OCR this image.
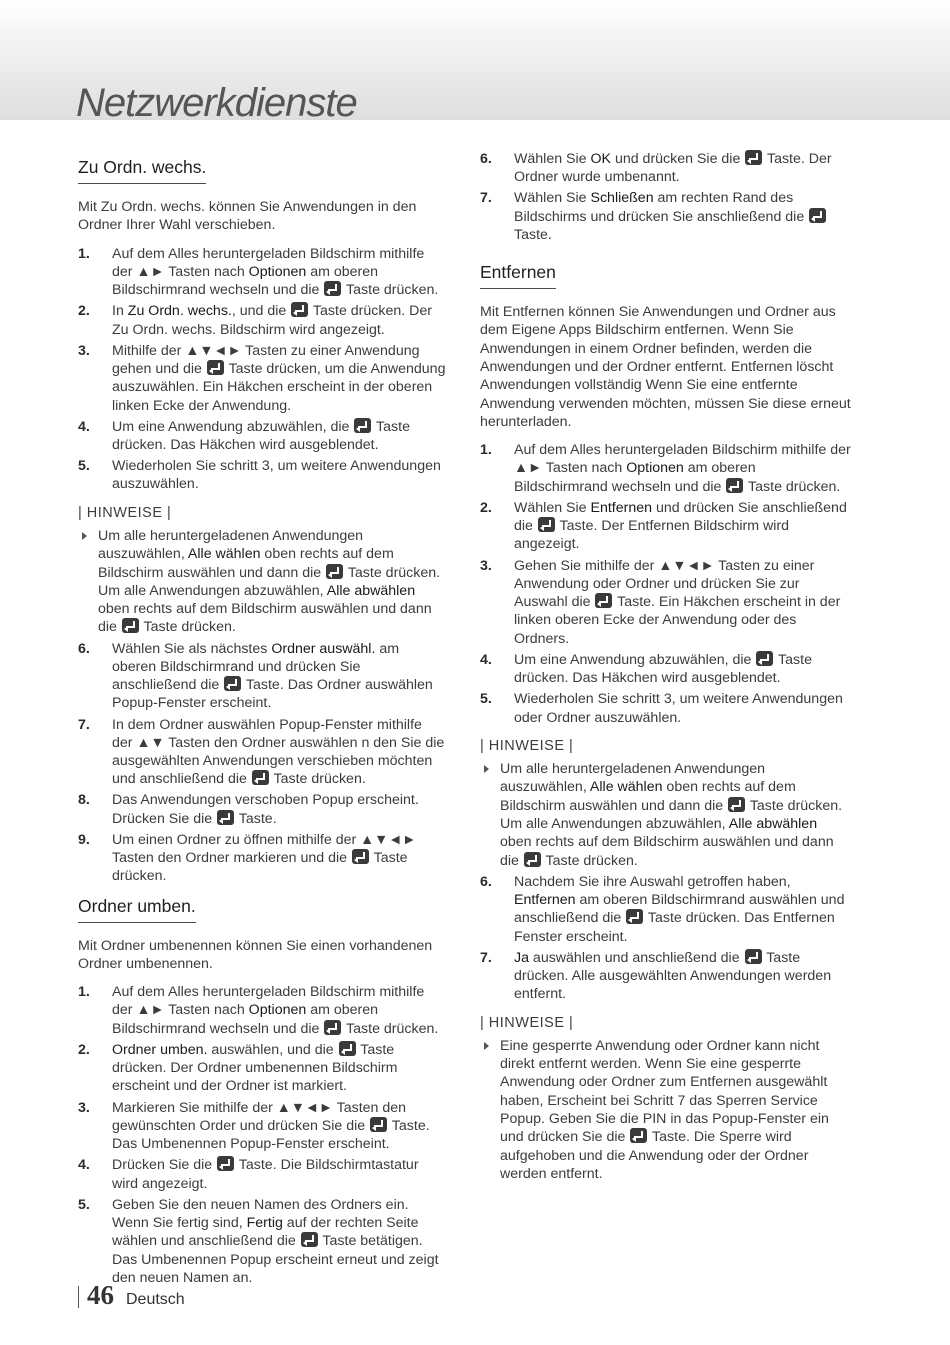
Netzwerkdienste
Zu Ordn. wechs.

Mit Zu Ordn. wechs. können Sie Anwendungen in den Ordner Ihrer Wahl verschieben.

1. Auf dem Alles heruntergeladen Bildschirm mithilfe der ▲► Tasten nach Optionen am oberen Bildschirmrand wechseln und die  Taste drücken.
2. In Zu Ordn. wechs., und die  Taste drücken. Der Zu Ordn. wechs. Bildschirm wird angezeigt.
3. Mithilfe der ▲▼◄► Tasten zu einer Anwendung gehen und die  Taste drücken, um die Anwendung auszuwählen. Ein Häkchen erscheint in der oberen linken Ecke der Anwendung.
4. Um eine Anwendung abzuwählen, die  Taste drücken. Das Häkchen wird ausgeblendet.
5. Wiederholen Sie schritt 3, um weitere Anwendungen auszuwählen.
| HINWEISE |
Um alle heruntergeladenen Anwendungen auszuwählen, Alle wählen oben rechts auf dem Bildschirm auswählen und dann die  Taste drücken. Um alle Anwendungen abzuwählen, Alle abwählen oben rechts auf dem Bildschirm auswählen und dann die  Taste drücken.
6. Wählen Sie als nächstes Ordner auswähl. am oberen Bildschirmrand und drücken Sie anschließend die  Taste. Das Ordner auswählen Popup-Fenster erscheint.
7. In dem Ordner auswählen Popup-Fenster mithilfe der ▲▼ Tasten den Ordner auswählen n den Sie die ausgewählten Anwendungen verschieben möchten und anschließend die  Taste drücken.
8. Das Anwendungen verschoben Popup erscheint. Drücken Sie die  Taste.
9. Um einen Ordner zu öffnen mithilfe der ▲▼◄► Tasten den Ordner markieren und die  Taste drücken.
Ordner umben.

Mit Ordner umbenennen können Sie einen vorhandenen Ordner umbenennen.

1. Auf dem Alles heruntergeladen Bildschirm mithilfe der ▲► Tasten nach Optionen am oberen Bildschirmrand wechseln und die  Taste drücken.
2. Ordner umben. auswählen, und die  Taste drücken. Der Ordner umbenennen Bildschirm erscheint und der Ordner ist markiert.
3. Markieren Sie mithilfe der ▲▼◄► Tasten den gewünschten Order und drücken Sie die  Taste. Das Umbenennen Popup-Fenster erscheint.
4. Drücken Sie die  Taste. Die Bildschirmtastatur wird angezeigt.
5. Geben Sie den neuen Namen des Ordners ein. Wenn Sie fertig sind, Fertig auf der rechten Seite wählen und anschließend die  Taste betätigen. Das Umbenennen Popup erscheint erneut und zeigt den neuen Namen an.
6. Wählen Sie OK und drücken Sie die  Taste. Der Ordner wurde umbenannt.
7. Wählen Sie Schließen am rechten Rand des Bildschirms und drücken Sie anschließend die  Taste.
Entfernen

Mit Entfernen können Sie Anwendungen und Ordner aus dem Eigene Apps Bildschirm entfernen. Wenn Sie Anwendungen in einem Ordner befinden, werden die Anwendungen und der Ordner entfernt. Entfernen löscht Anwendungen vollständig Wenn Sie eine entfernte Anwendung verwenden möchten, müssen Sie diese erneut herunterladen.

1. Auf dem Alles heruntergeladen Bildschirm mithilfe der ▲► Tasten nach Optionen am oberen Bildschirmrand wechseln und die  Taste drücken.
2. Wählen Sie Entfernen und drücken Sie anschließend die  Taste. Der Entfernen Bildschirm wird angezeigt.
3. Gehen Sie mithilfe der ▲▼◄► Tasten zu einer Anwendung oder Ordner und drücken Sie zur Auswahl die  Taste. Ein Häkchen erscheint in der linken oberen Ecke der Anwendung oder des Ordners.
4. Um eine Anwendung abzuwählen, die  Taste drücken. Das Häkchen wird ausgeblendet.
5. Wiederholen Sie schritt 3, um weitere Anwendungen oder Ordner auszuwählen.
| HINWEISE |
Um alle heruntergeladenen Anwendungen auszuwählen, Alle wählen oben rechts auf dem Bildschirm auswählen und dann die  Taste drücken. Um alle Anwendungen abzuwählen, Alle abwählen oben rechts auf dem Bildschirm auswählen und dann die  Taste drücken.
6. Nachdem Sie ihre Auswahl getroffen haben, Entfernen am oberen Bildschirmrand auswählen und anschließend die  Taste drücken. Das Entfernen Fenster erscheint.
7. Ja auswählen und anschließend die  Taste drücken. Alle ausgewählten Anwendungen werden entfernt.
| HINWEISE |
Eine gesperrte Anwendung oder Ordner kann nicht direkt entfernt werden. Wenn Sie eine gesperrte Anwendung oder Ordner zum Entfernen ausgewählt haben, Erscheint bei Schritt 7 das Sperren Service Popup. Geben Sie die PIN in das Popup-Fenster ein und drücken Sie die  Taste. Die Sperre wird aufgehoben und die Anwendung oder der Ordner werden entfernt.
46 Deutsch
